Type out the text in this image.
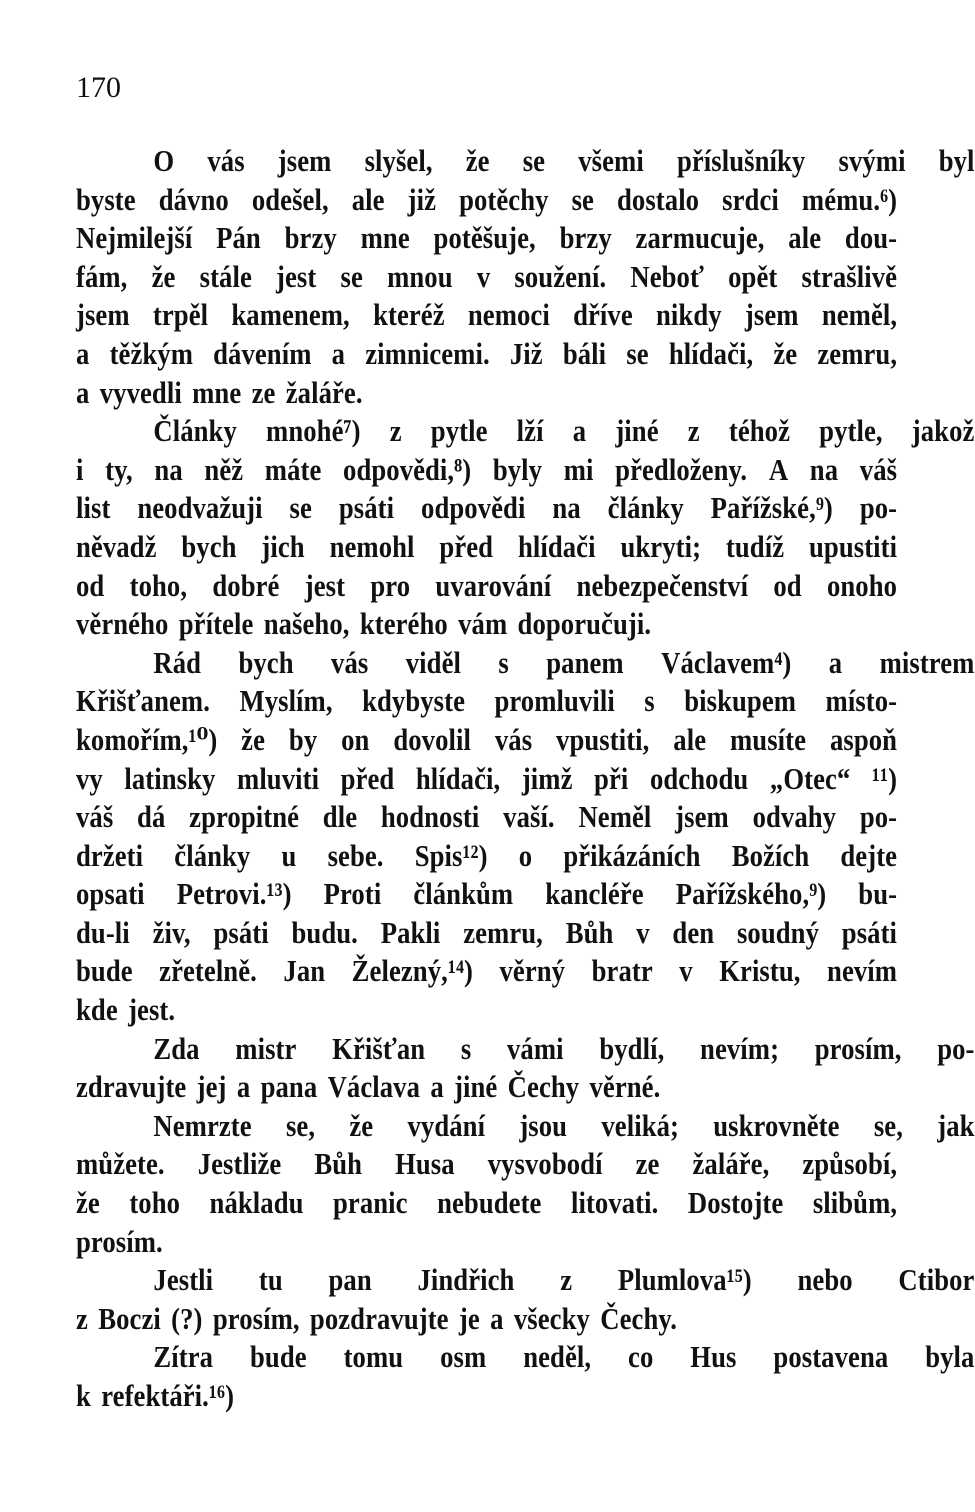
170
O vás jsem slyšel, že se všemi příslušníky svými byl
byste dávno odešel, ale již potěchy se dostalo srdci mému.⁶)
Nejmilejší Pán brzy mne potěšuje, brzy zarmucuje, ale dou-
fám, že stále jest se mnou v soužení. Neboť opět strašlivě
jsem trpěl kamenem, kteréž nemoci dříve nikdy jsem neměl,
a těžkým dávením a zimnicemi. Již báli se hlídači, že zemru,
a vyvedli mne ze žaláře.
Články mnohé⁷) z pytle lží a jiné z téhož pytle, jakož
i ty, na něž máte odpovědi,⁸) byly mi předloženy. A na váš
list neodvažuji se psáti odpovědi na články Pařížské,⁹) po-
něvadž bych jich nemohl před hlídači ukryti; tudíž upustiti
od toho, dobré jest pro uvarování nebezpečenství od onoho
věrného přítele našeho, kterého vám doporučuji.
Rád bych vás viděl s panem Václavem⁴) a mistrem
Křišťanem. Myslím, kdybyste promluvili s biskupem místo-
komořím,¹⁰) že by on dovolil vás vpustiti, ale musíte aspoň
vy latinsky mluviti před hlídači, jimž při odchodu „Otec“ ¹¹)
váš dá zpropitné dle hodnosti vaší. Neměl jsem odvahy po-
držeti články u sebe. Spis¹²) o přikázáních Božích dejte
opsati Petrovi.¹³) Proti článkům kancléře Pařížského,⁹) bu-
du-li živ, psáti budu. Pakli zemru, Bůh v den soudný psáti
bude zřetelně. Jan Železný,¹⁴) věrný bratr v Kristu, nevím
kde jest.
Zda mistr Křišťan s vámi bydlí, nevím; prosím, po-
zdravujte jej a pana Václava a jiné Čechy věrné.
Nemrzte se, že vydání jsou veliká; uskrovněte se, jak
můžete. Jestliže Bůh Husa vysvobodí ze žaláře, způsobí,
že toho nákladu pranic nebudete litovati. Dostojte slibům,
prosím.
Jestli tu pan Jindřich z Plumlova¹⁵) nebo Ctibor
z Boczi (?) prosím, pozdravujte je a všecky Čechy.
Zítra bude tomu osm neděl, co Hus postavena byla
k refektáři.¹⁶)
